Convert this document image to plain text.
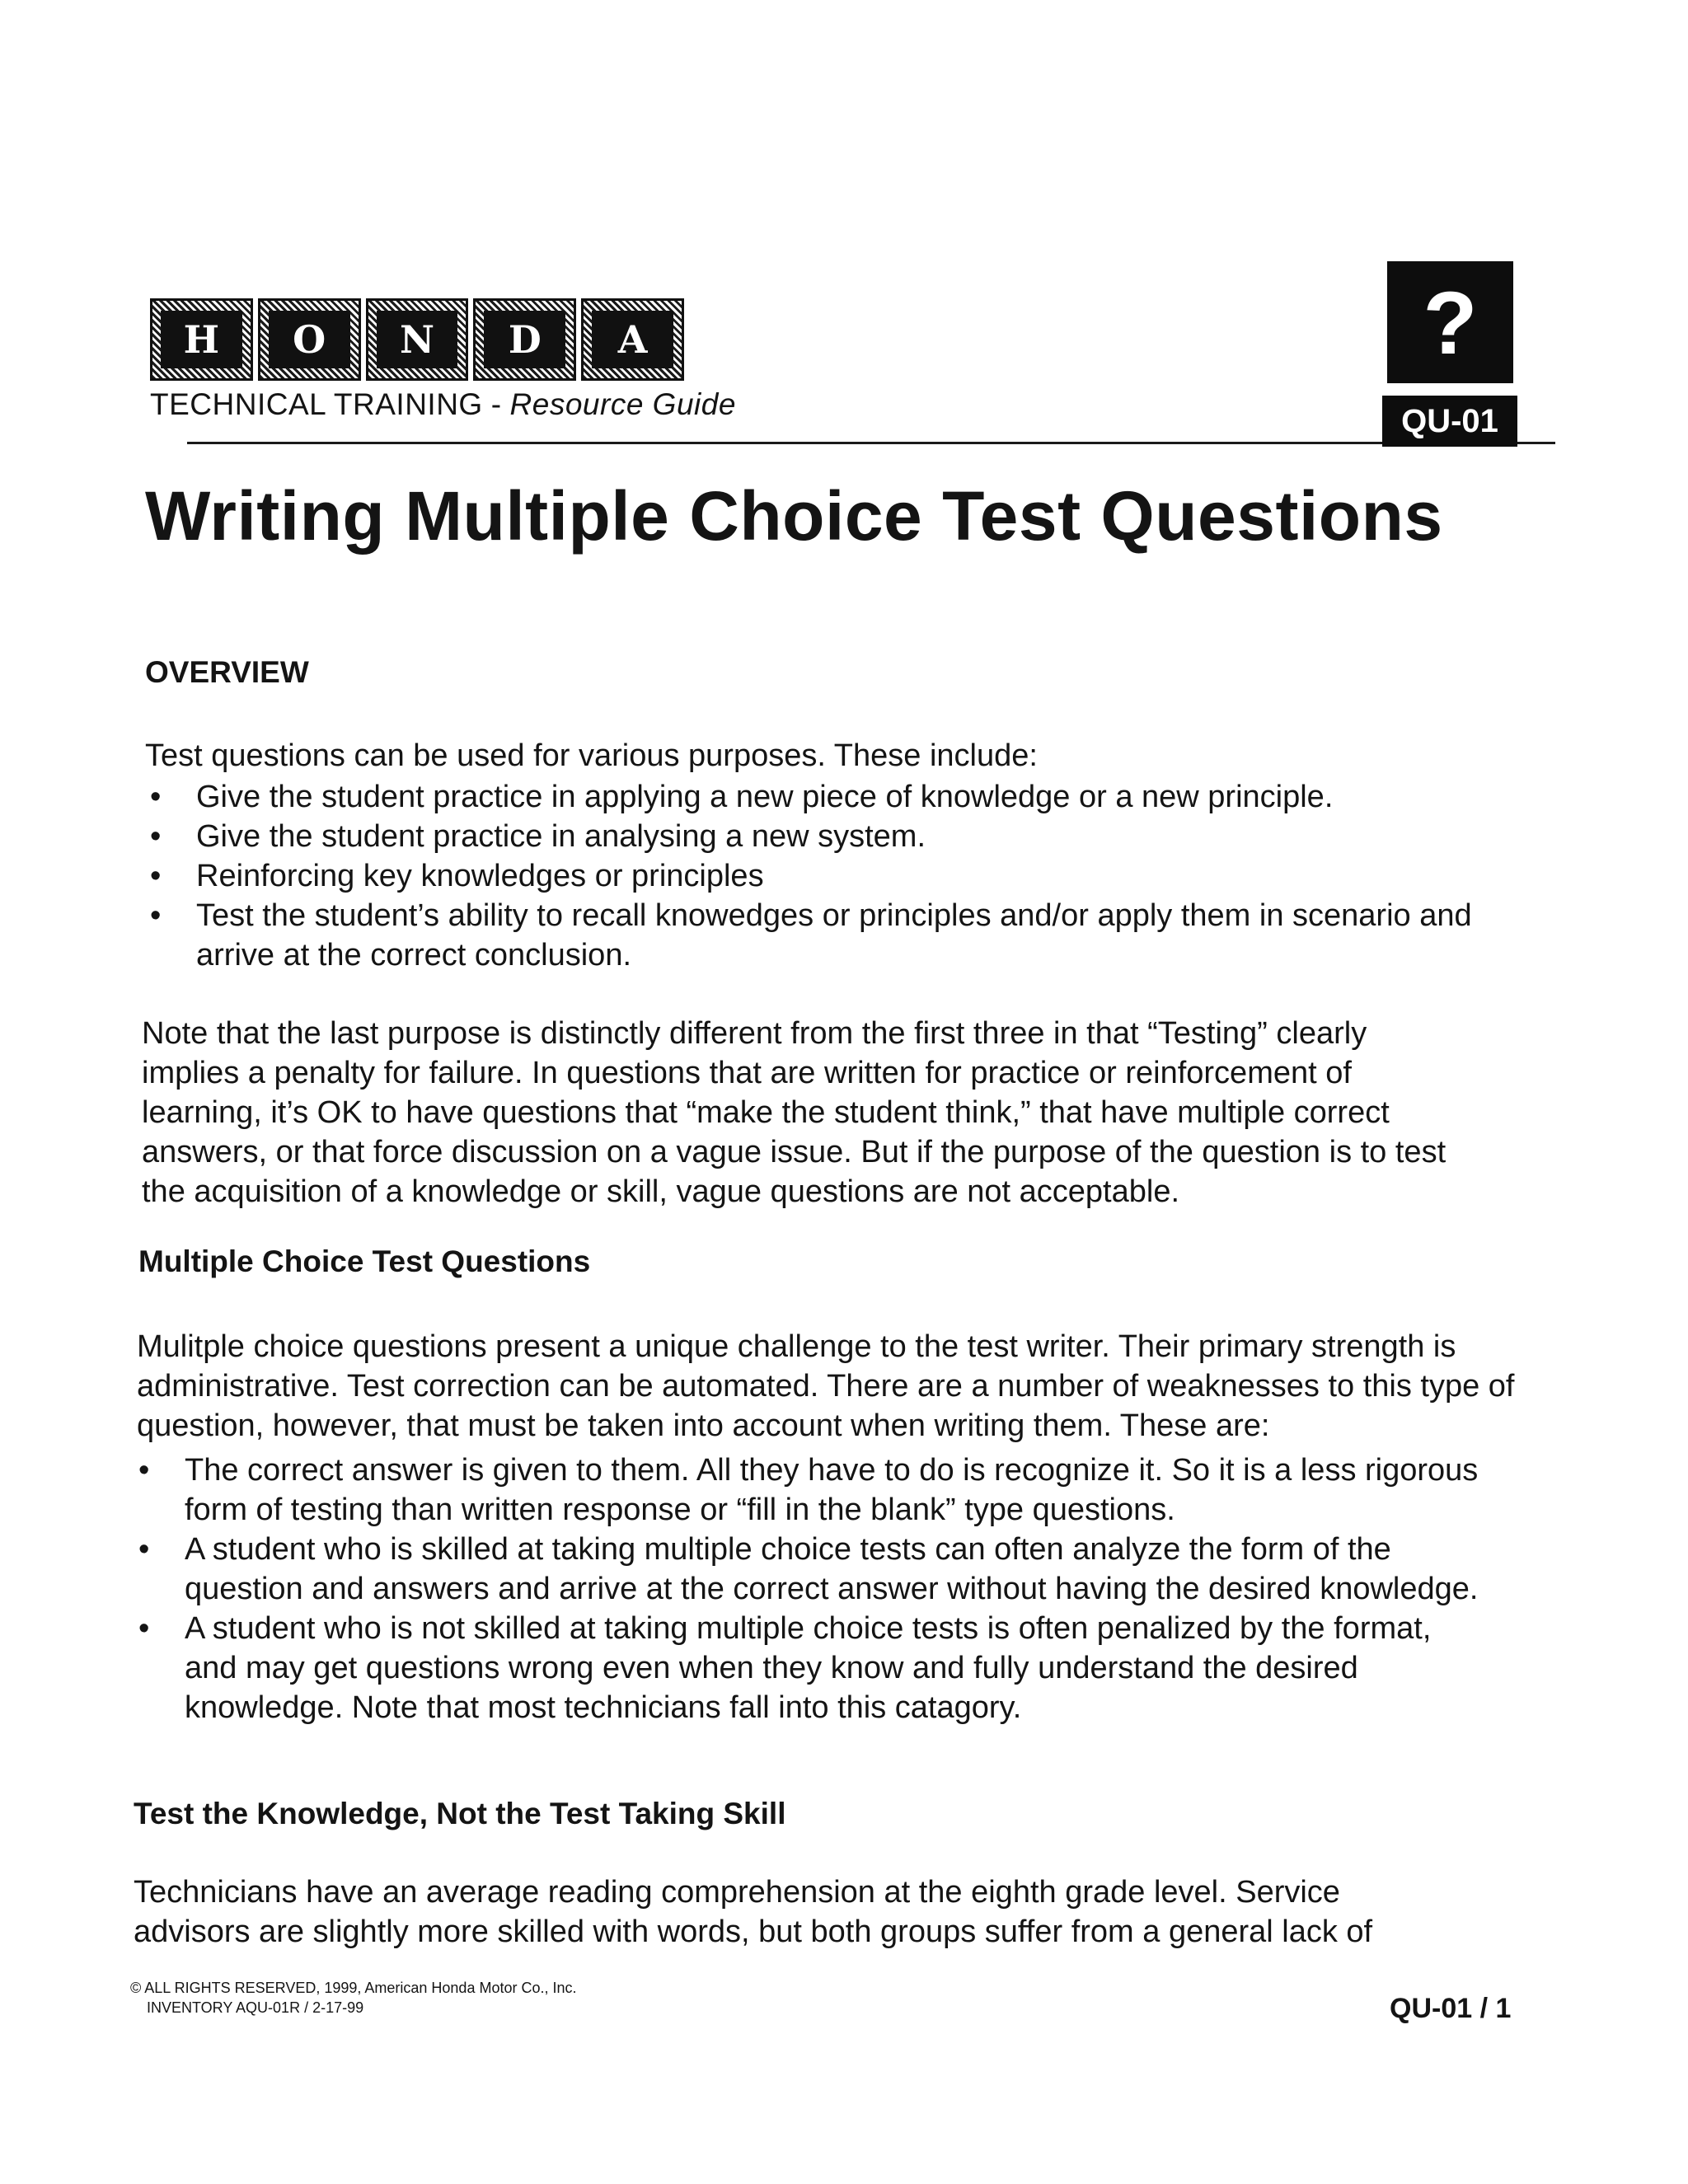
H O N D A
TECHNICAL TRAINING - Resource Guide
?
QU-01
Writing Multiple Choice Test Questions
OVERVIEW
Test questions can be used for various purposes. These include:
• Give the student practice in applying a new piece of knowledge or a new principle.
• Give the student practice in analysing a new system.
• Reinforcing key knowledges or principles
• Test the student’s ability to recall knowedges or principles and/or apply them in scenario and arrive at the correct conclusion.
Note that the last purpose is distinctly different from the first three in that “Testing” clearly implies a penalty for failure. In questions that are written for practice or reinforcement of learning, it’s OK to have questions that “make the student think,” that have multiple correct answers, or that force discussion on a vague issue. But if the purpose of the question is to test the acquisition of a knowledge or skill, vague questions are not acceptable.
Multiple Choice Test Questions
Mulitple choice questions present a unique challenge to the test writer. Their primary strength is administrative. Test correction can be automated. There are a number of weaknesses to this type of question, however, that must be taken into account when writing them. These are:
• The correct answer is given to them. All they have to do is recognize it. So it is a less rigorous form of testing than written response or “fill in the blank” type questions.
• A student who is skilled at taking multiple choice tests can often analyze the form of the question and answers and arrive at the correct answer without having the desired knowledge.
• A student who is not skilled at taking multiple choice tests is often penalized by the format, and may get questions wrong even when they know and fully understand the desired knowledge. Note that most technicians fall into this catagory.
Test the Knowledge, Not the Test Taking Skill
Technicians have an average reading comprehension at the eighth grade level. Service advisors are slightly more skilled with words, but both groups suffer from a general lack of
© ALL RIGHTS RESERVED, 1999, American Honda Motor Co., Inc.
INVENTORY AQU-01R / 2-17-99	QU-01 / 1
